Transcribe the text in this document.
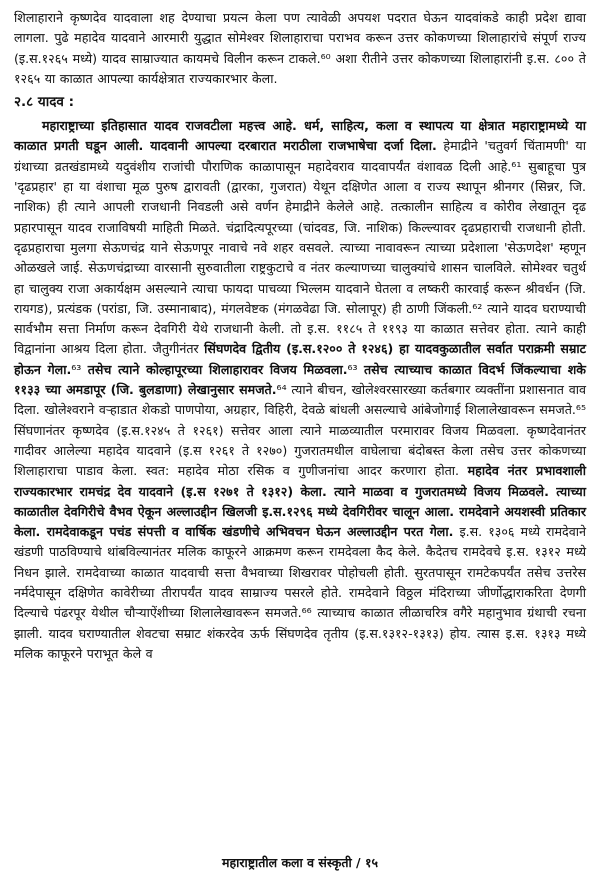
शिलाहाराने कृष्णदेव यादवाला शह देण्याचा प्रयत्न केला पण त्यावेळी अपयश पदरात घेऊन यादवांकडे काही प्रदेश द्यावा लागला. पुढे महादेव यादवाने आरमारी युद्धात सोमेश्वर शिलाहाराचा पराभव करून उत्तर कोकणच्या शिलाहारांचे संपूर्ण राज्य (इ.स.१२६५ मध्ये) यादव साम्राज्यात कायमचे विलीन करून टाकले.⁶⁰ अशा रीतीने उत्तर कोकणच्या शिलाहारांनी इ.स. ८०० ते १२६५ या काळात आपल्या कार्यक्षेत्रात राज्यकारभार केला.

२.८ यादव :

महाराष्ट्राच्या इतिहासात यादव राजवटीला महत्त्व आहे. धर्म, साहित्य, कला व स्थापत्य या क्षेत्रात महाराष्ट्रामध्ये या काळात प्रगती घडून आली. यादवानी आपल्या दरबारात मराठीला राजभाषेचा दर्जा दिला. हेमाद्रीने 'चतुवर्ग चिंतामणी' या ग्रंथाच्या व्रतखंडामध्ये यदुवंशीय राजांची पौराणिक काळापासून महादेवराव यादवापर्यंत वंशावळ दिली आहे.⁶¹ सुबाहूचा पुत्र 'दृढप्रहार' हा या वंशाचा मूळ पुरुष द्वारावती (द्वारका, गुजरात) येथून दक्षिणेत आला व राज्य स्थापून श्रीनगर (सिन्नर, जि. नाशिक) ही त्याने आपली राजधानी निवडली असे वर्णन हेमाद्रीने केलेले आहे. तत्कालीन साहित्य व कोरीव लेखातून दृढ प्रहारपासून यादव राजाविषयी माहिती मिळते. चंद्रादित्यपूरच्या (चांदवड, जि. नाशिक) किल्ल्यावर दृढप्रहाराची राजधानी होती. दृढप्रहाराचा मुलगा सेऊणचंद्र याने सेऊणपूर नावाचे नवे शहर वसवले. त्याच्या नावावरून त्याच्या प्रदेशाला 'सेऊणदेश' म्हणून ओळखले जाई. सेऊणचंद्राच्या वारसानी सुरुवातीला राष्ट्रकुटाचे व नंतर कल्याणच्या चालुक्यांचे शासन चालविले. सोमेश्वर चतुर्थ हा चालुक्य राजा अकार्यक्षम असल्याने त्याचा फायदा पाचव्या भिल्लम यादवाने घेतला व लष्करी कारवाई करून श्रीवर्धन (जि. रायगड), प्रत्यंडक (परांडा, जि. उस्मानाबाद), मंगलवेष्टक (मंगळवेढा जि. सोलापूर) ही ठाणी जिंकली.⁶² त्याने यादव घराण्याची सार्वभौम सत्ता निर्माण करून देवगिरी येथे राजधानी केली. तो इ.स. ११८५ ते ११९३ या काळात सत्तेवर होता. त्याने काही विद्वानांना आश्रय दिला होता. जैतुगीनंतर सिंघणदेव द्वितीय (इ.स.१२०० ते १२४६) हा यादवकुळातील सर्वात पराक्रमी सम्राट होऊन गेला.⁶³ तसेच त्याने कोल्हापूरच्या शिलाहारावर विजय मिळवला.⁶³ तसेच त्याच्याच काळात विदर्भ जिंकल्याचा शके ११३३ च्या अमडापूर (जि. बुलडाणा) लेखानुसार समजते.⁶⁴ त्याने बीचन, खोलेश्वरसारख्या कर्तबगार व्यक्तींना प्रशासनात वाव दिला. खोलेश्वराने वऱ्हाडात शेकडो पाणपोया, अग्रहार, विहिरी, देवळे बांधली असल्याचे आंबेजोगाई शिलालेखावरून समजते.⁶⁵ सिंघणानंतर कृष्णदेव (इ.स.१२४५ ते १२६१) सत्तेवर आला त्याने माळव्यातील परमारावर विजय मिळवला. कृष्णदेवानंतर गादीवर आलेल्या महादेव यादवाने (इ.स १२६१ ते १२७०) गुजरातमधील वाघेलाचा बंदोबस्त केला तसेच उत्तर कोकणच्या शिलाहाराचा पाडाव केला. स्वत: महादेव मोठा रसिक व गुणीजनांचा आदर करणारा होता. महादेव नंतर प्रभावशाली राज्यकारभार रामचंद्र देव यादवाने (इ.स १२७१ ते १३१२) केला. त्याने माळवा व गुजरातमध्ये विजय मिळवले. त्याच्या काळातील देवगिरीचे वैभव ऐकून अल्लाउद्दीन खिलजी इ.स.१२९६ मध्ये देवगिरीवर चालून आला. रामदेवाने अयशस्वी प्रतिकार केला. रामदेवाकडून पचंड संपत्ती व वार्षिक खंडणीचे अभिवचन घेऊन अल्लाउद्दीन परत गेला. इ.स. १३०६ मध्ये रामदेवाने खंडणी पाठविण्याचे थांबविल्यानंतर मलिक काफूरने आक्रमण करून रामदेवला कैद केले. कैदेतच रामदेवचे इ.स. १३१२ मध्ये निधन झाले. रामदेवाच्या काळात यादवाची सत्ता वैभवाच्या शिखरावर पोहोचली होती. सुरतपासून रामटेकपर्यंत तसेच उत्तरेस नर्मदेपासून दक्षिणेत कावेरीच्या तीरापर्यंत यादव साम्राज्य पसरले होते. रामदेवाने विठ्ठल मंदिराच्या जीर्णोद्धाराकरिता देणगी दिल्याचे पंढरपूर येथील चौऱ्याऐंशीच्या शिलालेखावरून समजते.⁶⁶ त्याच्याच काळात लीळाचरित्र वगैरे महानुभाव ग्रंथाची रचना झाली. यादव घराण्यातील शेवटचा सम्राट शंकरदेव ऊर्फ सिंघणदेव तृतीय (इ.स.१३१२-१३१३) होय. त्यास इ.स. १३१३ मध्ये मलिक काफूरने पराभूत केले व

महाराष्ट्रातील कला व संस्कृती / १५
